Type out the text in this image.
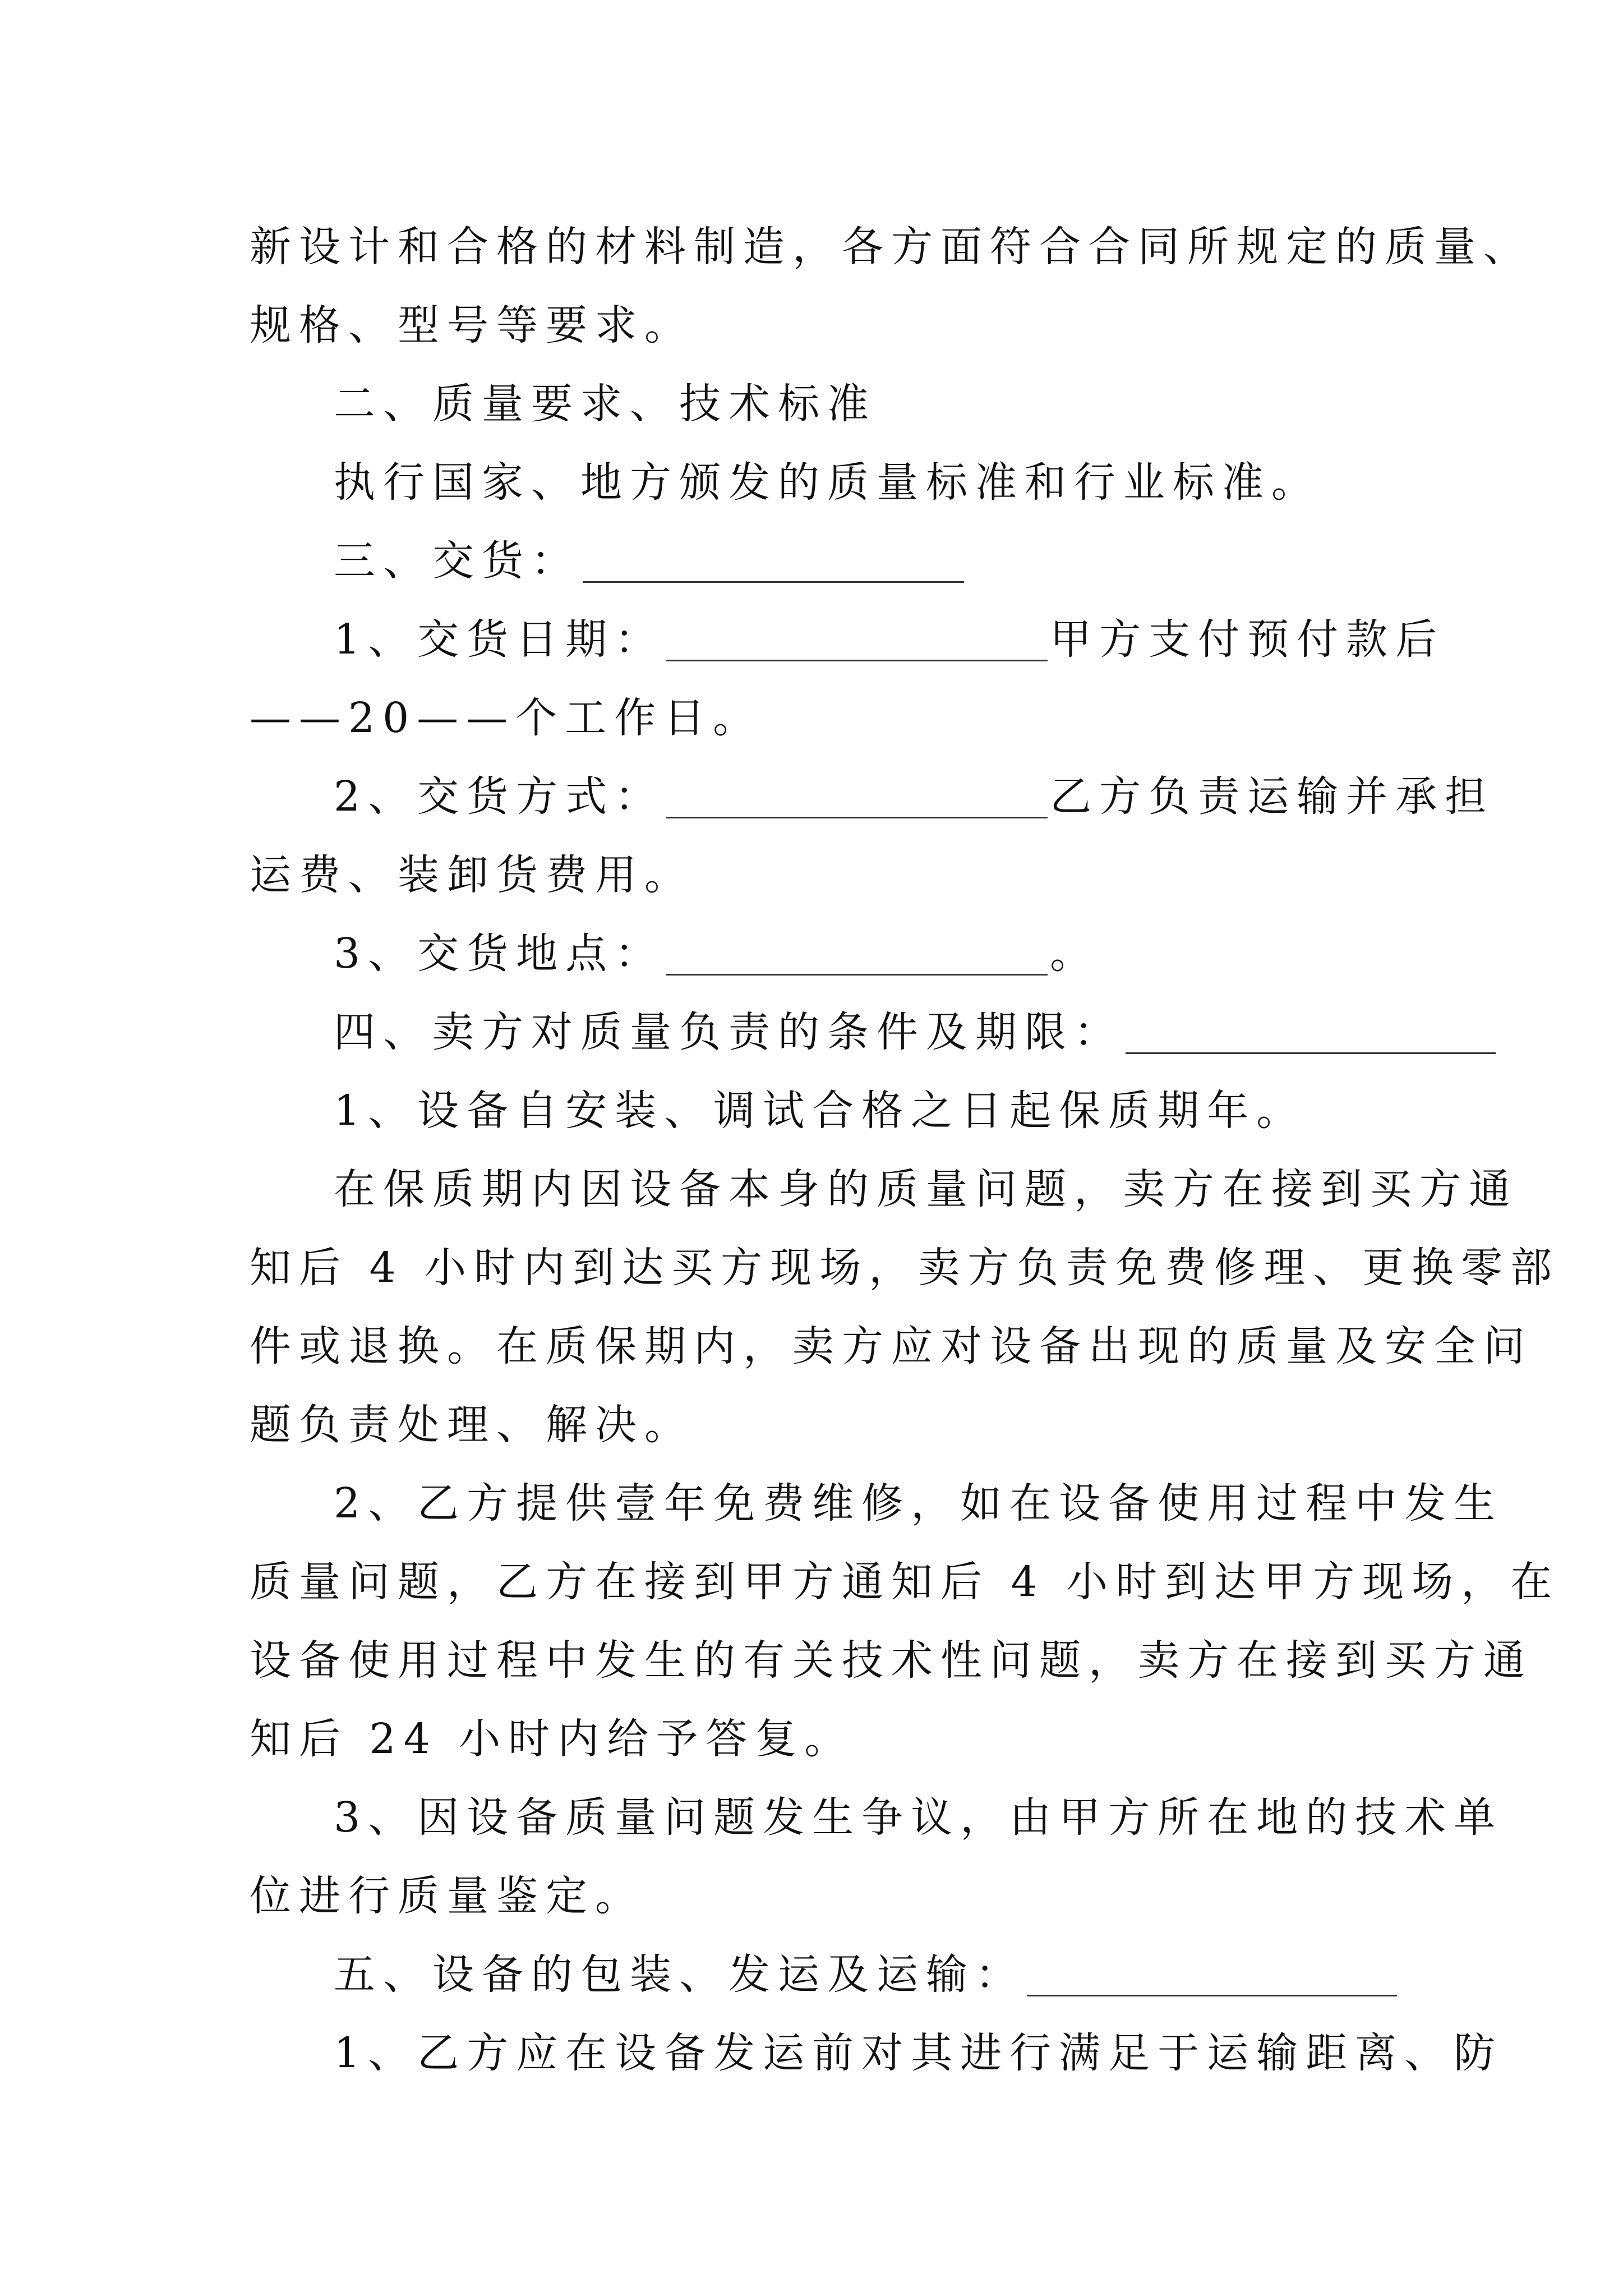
新设计和合格的材料制造，各方面符合合同所规定的质量、
规格、型号等要求。
二、质量要求、技术标准
执行国家、地方颁发的质量标准和行业标准。
三、交货：
1、交货日期：	甲方支付预付款后
——20——个工作日。
2、交货方式：	乙方负责运输并承担
运费、装卸货费用。
3、交货地点：	。
四、卖方对质量负责的条件及期限：
1、设备自安装、调试合格之日起保质期年。
在保质期内因设备本身的质量问题，卖方在接到买方通
知后 4 小时内到达买方现场，卖方负责免费修理、更换零部
件或退换。在质保期内，卖方应对设备出现的质量及安全问
题负责处理、解决。
2、乙方提供壹年免费维修，如在设备使用过程中发生
质量问题，乙方在接到甲方通知后 4 小时到达甲方现场，在
设备使用过程中发生的有关技术性问题，卖方在接到买方通
知后 24 小时内给予答复。
3、因设备质量问题发生争议，由甲方所在地的技术单
位进行质量鉴定。
五、设备的包装、发运及运输：
1、乙方应在设备发运前对其进行满足于运输距离、防
